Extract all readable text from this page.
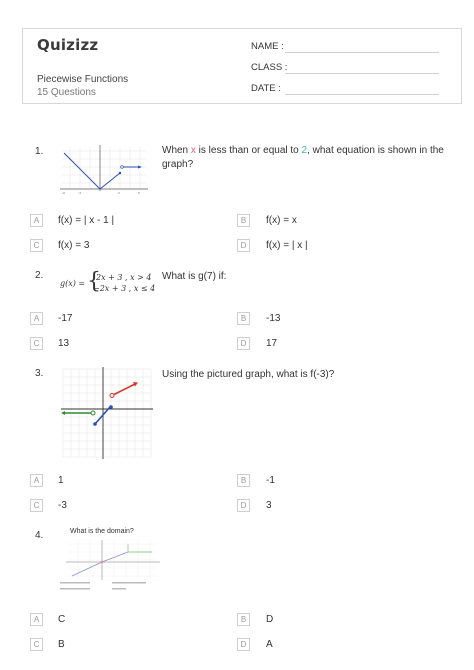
Quizizz
Piecewise Functions
15 Questions
NAME :
CLASS :
DATE :
1.
-6	-3	2	5
When x is less than or equal to 2, what equation is shown in the graph?
A	f(x) = | x - 1 |	B	f(x) = x
C	f(x) = 3	D	f(x) = | x |
2.
g(x) = {
2x + 3 , x > 4
−2x + 3 , x ≤ 4
What is g(7) if:
A	-17	B	-13
C	13	D	17
3.	Using the pictured graph, what is f(-3)?
A	1	B	-1
C	-3	D	3
4.	What is the domain?
A	C	B	D
C	B	D	A
